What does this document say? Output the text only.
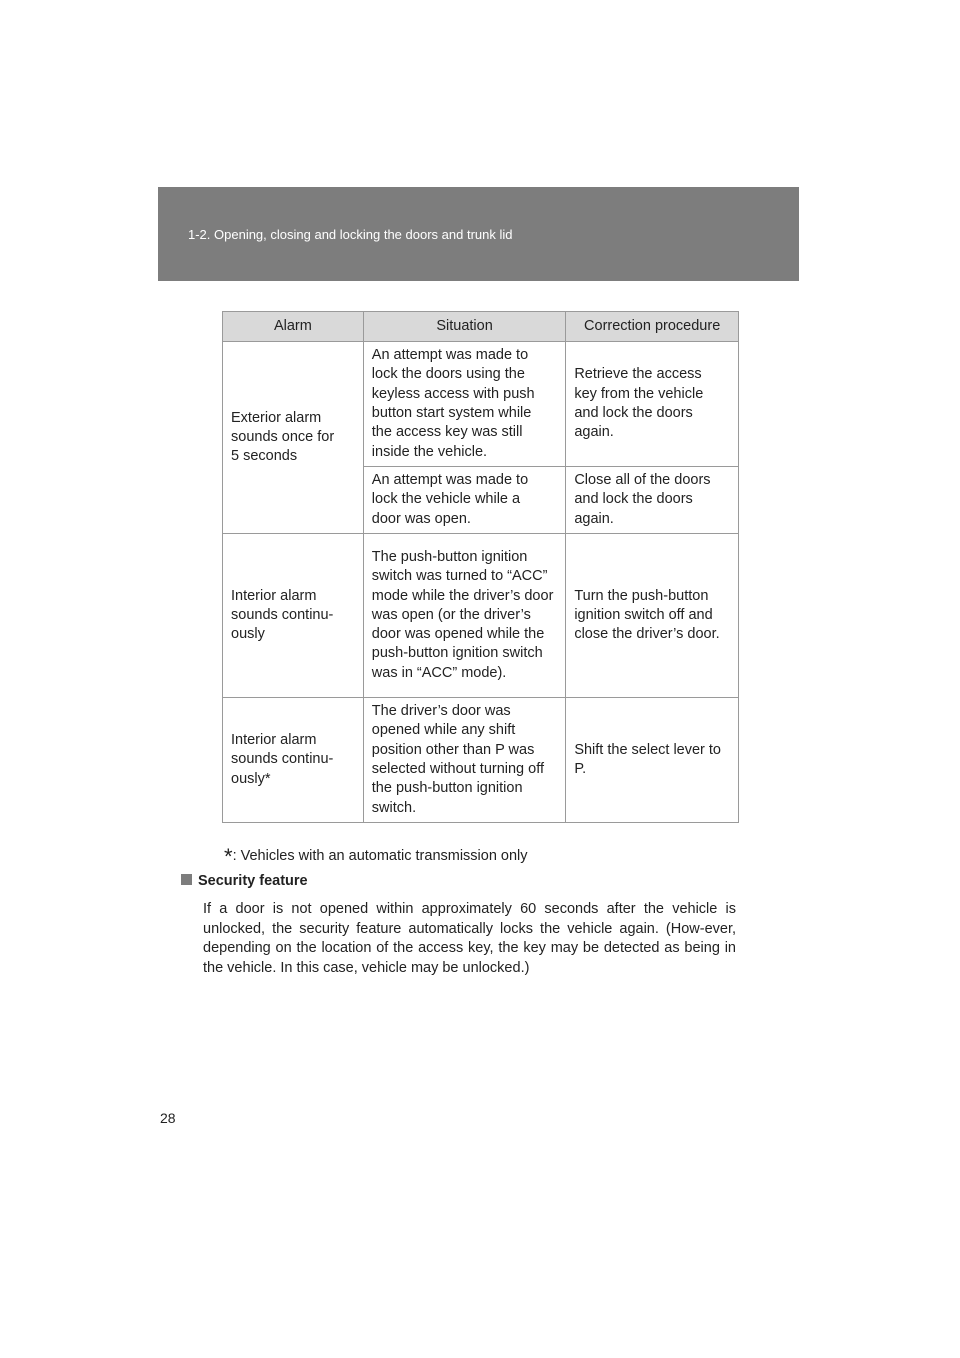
1-2. Opening, closing and locking the doors and trunk lid
Alarm	Situation	Correction procedure
Exterior alarm sounds once for 5 seconds	An attempt was made to lock the doors using the keyless access with push button start system while the access key was still inside the vehicle.	Retrieve the access key from the vehicle and lock the doors again.
	An attempt was made to lock the vehicle while a door was open.	Close all of the doors and lock the doors again.
Interior alarm sounds continu-ously	The push-button ignition switch was turned to “ACC” mode while the driver’s door was open (or the driver’s door was opened while the push-button ignition switch was in “ACC” mode).	Turn the push-button ignition switch off and close the driver’s door.
Interior alarm sounds continu-ously*	The driver’s door was opened while any shift position other than P was selected without turning off the push-button ignition switch.	Shift the select lever to P.
*: Vehicles with an automatic transmission only
Security feature
If a door is not opened within approximately 60 seconds after the vehicle is unlocked, the security feature automatically locks the vehicle again. (How-ever, depending on the location of the access key, the key may be detected as being in the vehicle. In this case, vehicle may be unlocked.)
28
